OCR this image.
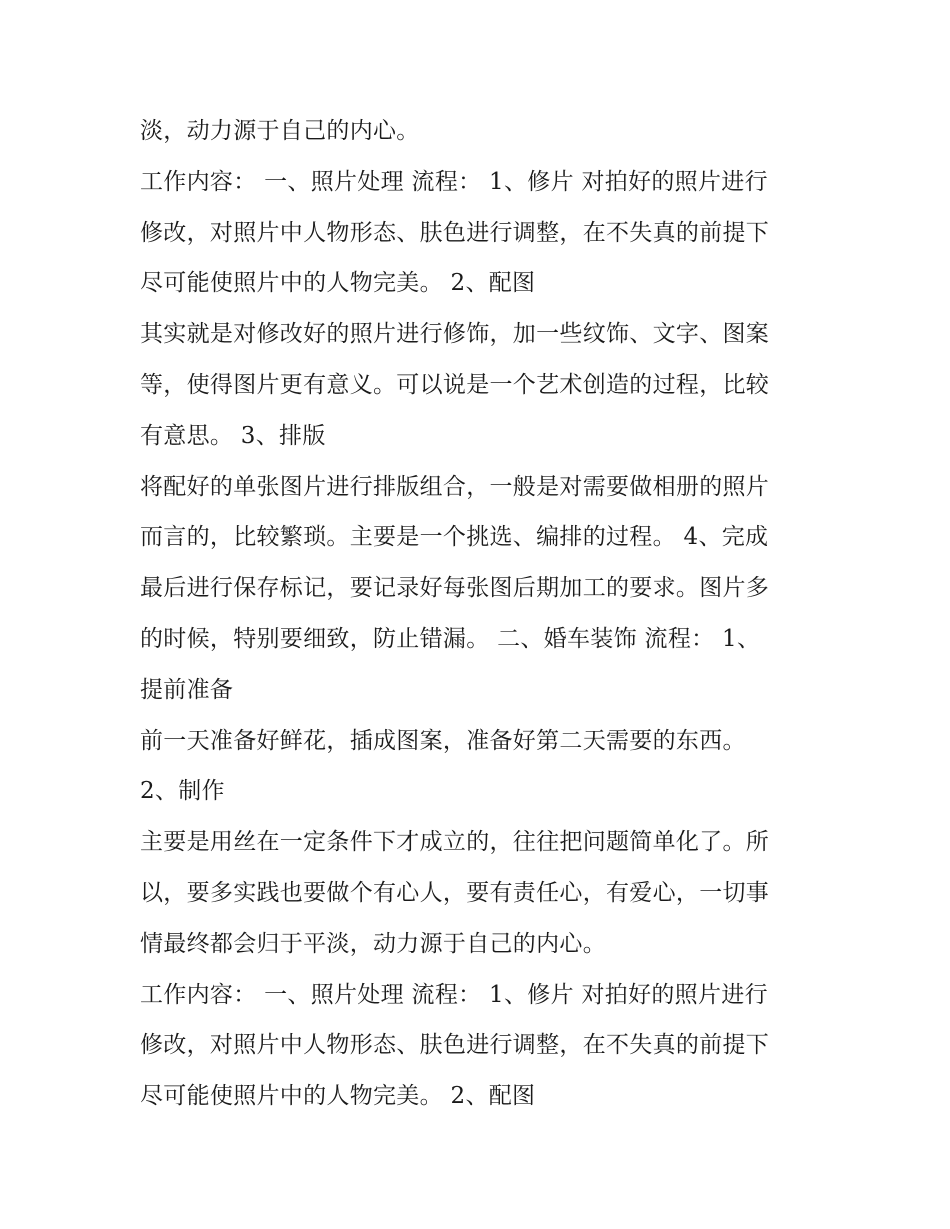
淡，动力源于自己的内心。
工作内容： 一、照片处理 流程： 1、修片 对拍好的照片进行
修改，对照片中人物形态、肤色进行调整，在不失真的前提下
尽可能使照片中的人物完美。 2、配图
其实就是对修改好的照片进行修饰，加一些纹饰、文字、图案
等，使得图片更有意义。可以说是一个艺术创造的过程，比较
有意思。 3、排版
将配好的单张图片进行排版组合，一般是对需要做相册的照片
而言的，比较繁琐。主要是一个挑选、编排的过程。 4、完成
最后进行保存标记，要记录好每张图后期加工的要求。图片多
的时候，特别要细致，防止错漏。 二、婚车装饰 流程： 1、
提前准备
前一天准备好鲜花，插成图案，准备好第二天需要的东西。
2、制作
主要是用丝在一定条件下才成立的，往往把问题简单化了。所
以，要多实践也要做个有心人，要有责任心，有爱心，一切事
情最终都会归于平淡，动力源于自己的内心。
工作内容： 一、照片处理 流程： 1、修片 对拍好的照片进行
修改，对照片中人物形态、肤色进行调整，在不失真的前提下
尽可能使照片中的人物完美。 2、配图
